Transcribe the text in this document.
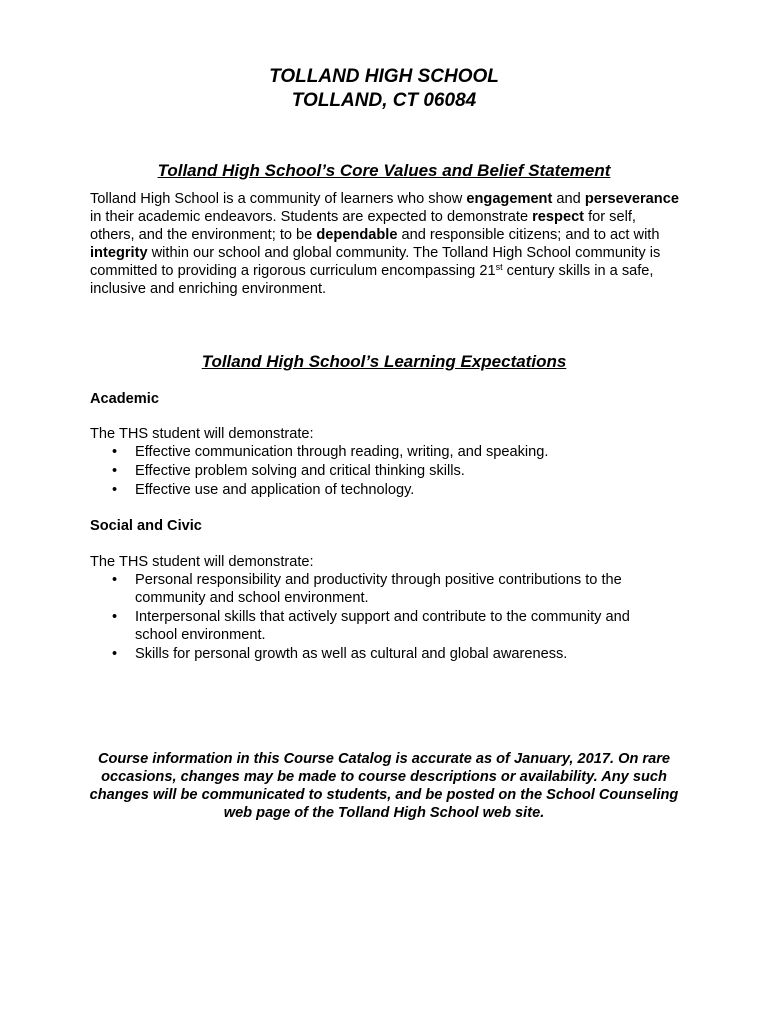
TOLLAND HIGH SCHOOL
TOLLAND, CT 06084
Tolland High School’s Core Values and Belief Statement
Tolland High School is a community of learners who show engagement and perseverance in their academic endeavors. Students are expected to demonstrate respect for self, others, and the environment; to be dependable and responsible citizens; and to act with integrity within our school and global community. The Tolland High School community is committed to providing a rigorous curriculum encompassing 21st century skills in a safe, inclusive and enriching environment.
Tolland High School’s Learning Expectations
Academic
The THS student will demonstrate:
• Effective communication through reading, writing, and speaking.
• Effective problem solving and critical thinking skills.
• Effective use and application of technology.
Social and Civic
The THS student will demonstrate:
• Personal responsibility and productivity through positive contributions to the community and school environment.
• Interpersonal skills that actively support and contribute to the community and school environment.
• Skills for personal growth as well as cultural and global awareness.
Course information in this Course Catalog is accurate as of January, 2017. On rare occasions, changes may be made to course descriptions or availability. Any such changes will be communicated to students, and be posted on the School Counseling web page of the Tolland High School web site.
